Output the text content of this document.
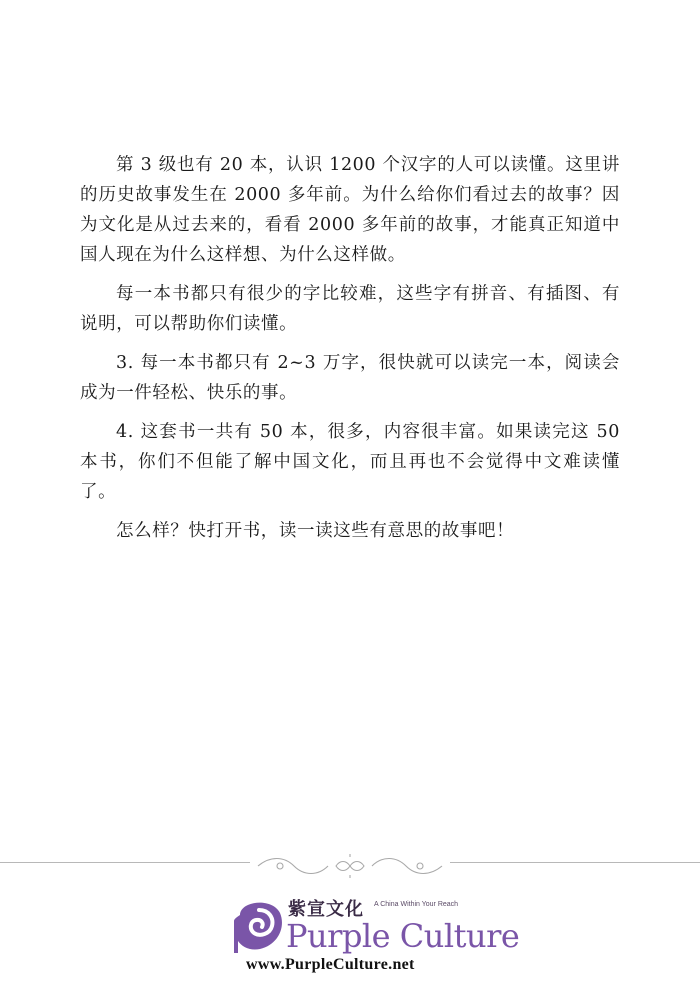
第 3 级也有 20 本，认识 1200 个汉字的人可以读懂。这里讲的历史故事发生在 2000 多年前。为什么给你们看过去的故事？因为文化是从过去来的，看看 2000 多年前的故事，才能真正知道中国人现在为什么这样想、为什么这样做。

每一本书都只有很少的字比较难，这些字有拼音、有插图、有说明，可以帮助你们读懂。

3. 每一本书都只有 2~3 万字，很快就可以读完一本，阅读会成为一件轻松、快乐的事。

4. 这套书一共有 50 本，很多，内容很丰富。如果读完这 50 本书，你们不但能了解中国文化，而且再也不会觉得中文难读懂了。

怎么样？快打开书，读一读这些有意思的故事吧！

紫宣文化 A China Within Your Reach
Purple Culture
www.PurpleCulture.net
